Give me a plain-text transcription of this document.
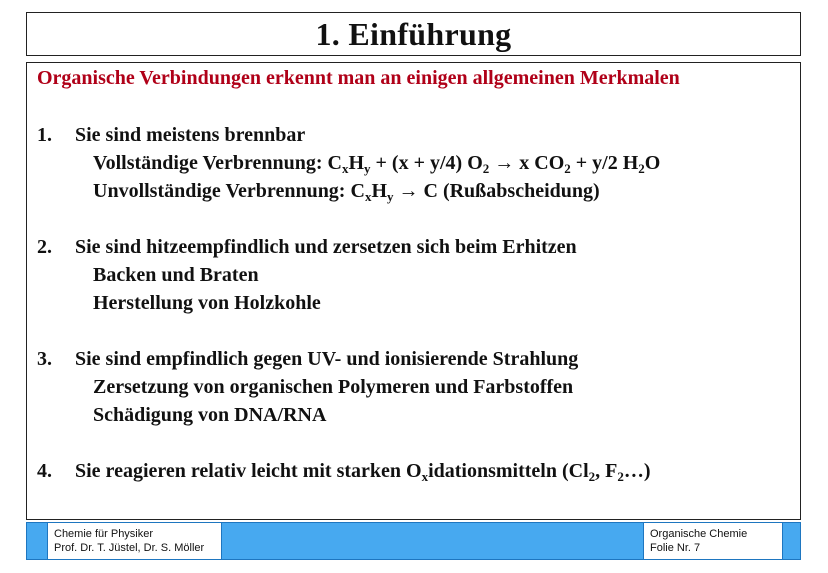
1. Einführung
Organische Verbindungen erkennt man an einigen allgemeinen Merkmalen
1. Sie sind meistens brennbar
Vollständige Verbrennung: $C_xH_y + (x + y/4) O_2 \to x$ $CO_2 + y/2$ $H_2O$
Unvollständige Verbrennung: $C_xH_y \to C$ (Rußabscheidung)
2. Sie sind hitzeempfindlich und zersetzen sich beim Erhitzen
Backen und Braten
Herstellung von Holzkohle
3. Sie sind empfindlich gegen UV- und ionisierende Strahlung
Zersetzung von organischen Polymeren und Farbstoffen
Schädigung von DNA/RNA
4. Sie reagieren relativ leicht mit starken $O_xidationsmitteln$ ($Cl_2$, $F_2\dots$)
Chemie für Physiker
Prof. Dr. T. Jüstel, Dr. S. Möller
Organische Chemie
Folie Nr. 7
